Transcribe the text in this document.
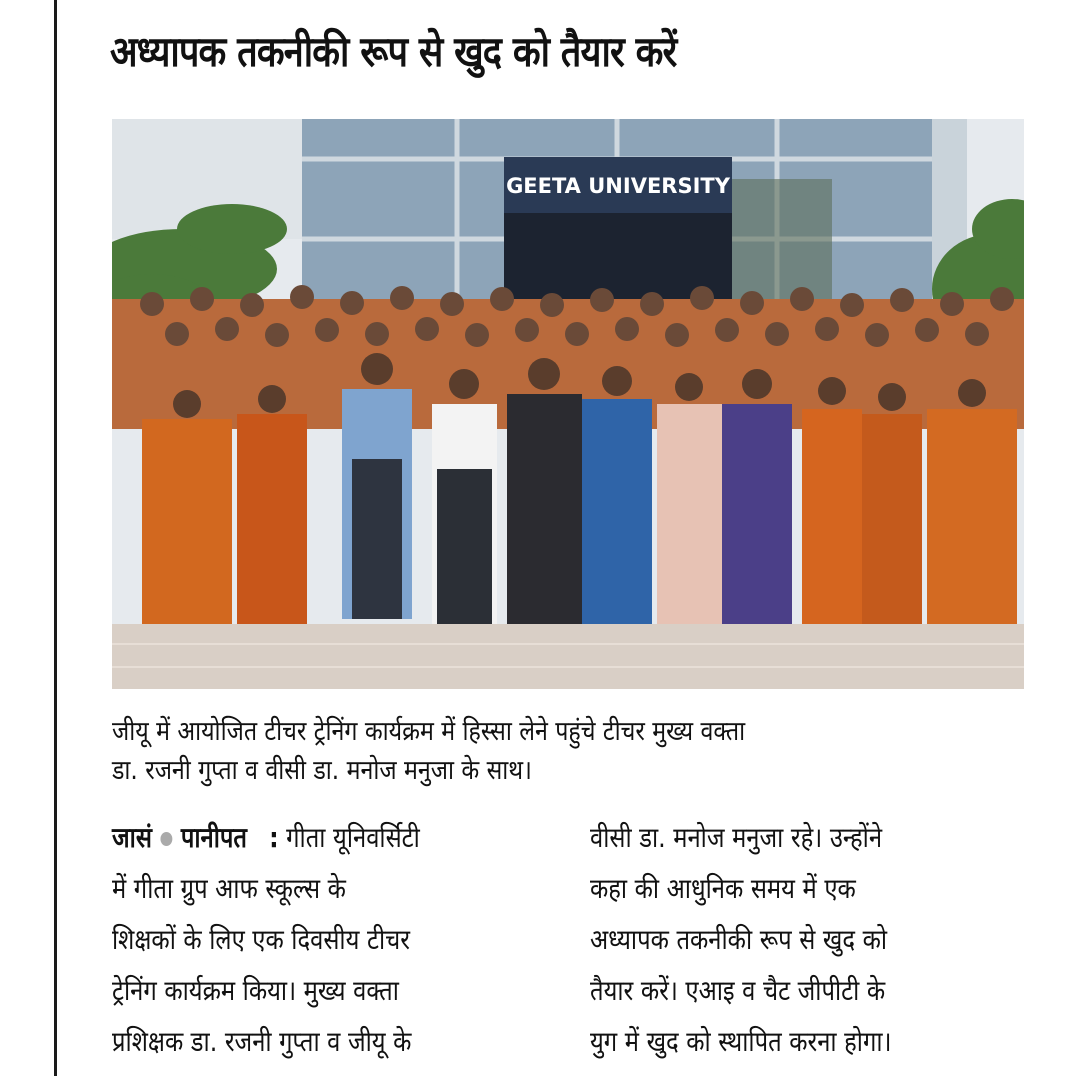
अध्यापक तकनीकी रूप से खुद को तैयार करें
GEETA UNIVERSITY
जीयू में आयोजित टीचर ट्रेनिंग कार्यक्रम में हिस्सा लेने पहुंचे टीचर मुख्य वक्ता
डा. रजनी गुप्ता व वीसी डा. मनोज मनुजा के साथ।
जासं पानीपत : गीता यूनिवर्सिटी
में गीता ग्रुप आफ स्कूल्स के
शिक्षकों के लिए एक दिवसीय टीचर
ट्रेनिंग कार्यक्रम किया। मुख्य वक्ता
प्रशिक्षक डा. रजनी गुप्ता व जीयू के
वीसी डा. मनोज मनुजा रहे। उन्होंने
कहा की आधुनिक समय में एक
अध्यापक तकनीकी रूप से खुद को
तैयार करें। एआइ व चैट जीपीटी के
युग में खुद को स्थापित करना होगा।
